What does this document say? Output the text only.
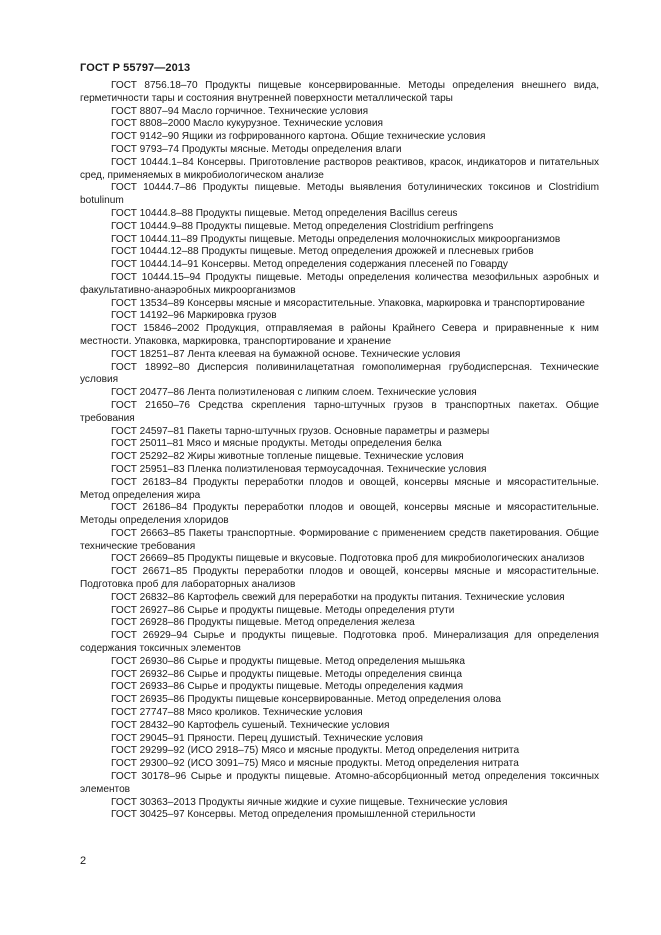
ГОСТ Р 55797—2013

ГОСТ 8756.18–70 Продукты пищевые консервированные. Методы определения внешнего вида, герметичности тары и состояния внутренней поверхности металлической тары

ГОСТ 8807–94 Масло горчичное. Технические условия

ГОСТ 8808–2000 Масло кукурузное. Технические условия

ГОСТ 9142–90 Ящики из гофрированного картона. Общие технические условия

ГОСТ 9793–74 Продукты мясные. Методы определения влаги

ГОСТ 10444.1–84 Консервы. Приготовление растворов реактивов, красок, индикаторов и питательных сред, применяемых в микробиологическом анализе

ГОСТ 10444.7–86 Продукты пищевые. Методы выявления ботулинических токсинов и Clostridium botulinum

ГОСТ 10444.8–88 Продукты пищевые. Метод определения Bacillus cereus

ГОСТ 10444.9–88 Продукты пищевые. Метод определения Clostridium perfringens

ГОСТ 10444.11–89 Продукты пищевые. Методы определения молочнокислых микроорганизмов

ГОСТ 10444.12–88 Продукты пищевые. Метод определения дрожжей и плесневых грибов

ГОСТ 10444.14–91 Консервы. Метод определения содержания плесеней по Говарду

ГОСТ 10444.15–94 Продукты пищевые. Методы определения количества мезофильных аэробных и факультативно-анаэробных микроорганизмов

ГОСТ 13534–89 Консервы мясные и мясорастительные. Упаковка, маркировка и транспортирование

ГОСТ 14192–96 Маркировка грузов

ГОСТ 15846–2002 Продукция, отправляемая в районы Крайнего Севера и приравненные к ним местности. Упаковка, маркировка, транспортирование и хранение

ГОСТ 18251–87 Лента клеевая на бумажной основе. Технические условия

ГОСТ 18992–80 Дисперсия поливинилацетатная гомополимерная грубодисперсная. Технические условия

ГОСТ 20477–86 Лента полиэтиленовая с липким слоем. Технические условия

ГОСТ 21650–76 Средства скрепления тарно-штучных грузов в транспортных пакетах. Общие требования

ГОСТ 24597–81 Пакеты тарно-штучных грузов. Основные параметры и размеры

ГОСТ 25011–81 Мясо и мясные продукты. Методы определения белка

ГОСТ 25292–82 Жиры животные топленые пищевые. Технические условия

ГОСТ 25951–83 Пленка полиэтиленовая термоусадочная. Технические условия

ГОСТ 26183–84 Продукты переработки плодов и овощей, консервы мясные и мясорастительные. Метод определения жира

ГОСТ 26186–84 Продукты переработки плодов и овощей, консервы мясные и мясорастительные. Методы определения хлоридов

ГОСТ 26663–85 Пакеты транспортные. Формирование с применением средств пакетирования. Общие технические требования

ГОСТ 26669–85 Продукты пищевые и вкусовые. Подготовка проб для микробиологических анализов

ГОСТ 26671–85 Продукты переработки плодов и овощей, консервы мясные и мясорастительные. Подготовка проб для лабораторных анализов

ГОСТ 26832–86 Картофель свежий для переработки на продукты питания. Технические условия

ГОСТ 26927–86 Сырье и продукты пищевые. Методы определения ртути

ГОСТ 26928–86 Продукты пищевые. Метод определения железа

ГОСТ 26929–94 Сырье и продукты пищевые. Подготовка проб. Минерализация для определения содержания токсичных элементов

ГОСТ 26930–86 Сырье и продукты пищевые. Метод определения мышьяка

ГОСТ 26932–86 Сырье и продукты пищевые. Методы определения свинца

ГОСТ 26933–86 Сырье и продукты пищевые. Методы определения кадмия

ГОСТ 26935–86 Продукты пищевые консервированные. Метод определения олова

ГОСТ 27747–88 Мясо кроликов. Технические условия

ГОСТ 28432–90 Картофель сушеный. Технические условия

ГОСТ 29045–91 Пряности. Перец душистый. Технические условия

ГОСТ 29299–92 (ИСО 2918–75) Мясо и мясные продукты. Метод определения нитрита

ГОСТ 29300–92 (ИСО 3091–75) Мясо и мясные продукты. Метод определения нитрата

ГОСТ 30178–96 Сырье и продукты пищевые. Атомно-абсорбционный метод определения токсичных элементов

ГОСТ 30363–2013 Продукты яичные жидкие и сухие пищевые. Технические условия

ГОСТ 30425–97 Консервы. Метод определения промышленной стерильности

2
